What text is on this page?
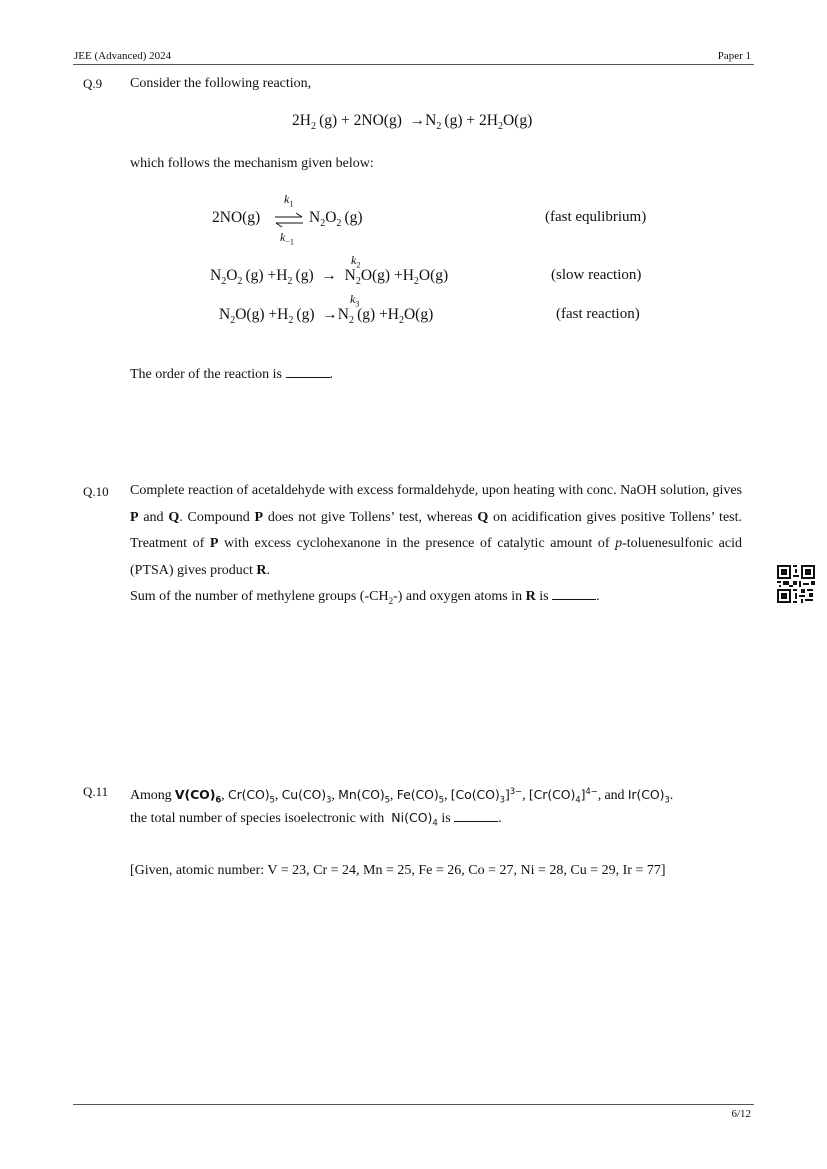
JEE (Advanced) 2024	Paper 1
Q.9 Consider the following reaction,
$2H_2$  $(g) + 2NO(g) \to N_2$  $(g) + 2H_2O(g)$
which follows the mechanism given below:
$k_1$
2NO(g) ⇌ $N_2O_2$  (g)
$k_{-1}$
(fast equlibrium)
$k_2$
$N_2O_2$  $(g) +H_2$  $(g) \to N_2O(g) +H_2O(g)$	(slow reaction)
$k_3$
$N_2O(g) +H_2$  $(g) \to N_2$  $(g) +H_2O(g)$	(fast reaction)
The order of the reaction is	.
Q.10 Complete reaction of acetaldehyde with excess formaldehyde, upon heating with conc. NaOH solution, gives P and Q. Compound P does not give Tollens’ test, whereas Q on acidification gives positive Tollens’ test. Treatment of P with excess cyclohexanone in the presence of catalytic amount of p-toluenesulfonic acid (PTSA) gives product R.
Sum of the number of methylene groups $(-CH_2-)$ and oxygen atoms in R is	.
Q.11 Among $V(CO)_6$, $Cr(CO)_5$, $Cu(CO)_3$, $Mn(CO)_5$, $Fe(CO)_5$, $[Co(CO)_3]^{3-}$, $[Cr(CO)_4]^{4-}$, and $Ir(CO)_3$.
the total number of species isoelectronic with $Ni(CO)_4$ is	.
[Given, atomic number: V = 23, Cr = 24, Mn = 25, Fe = 26, Co = 27, Ni = 28, Cu = 29, Ir = 77]
6/12
